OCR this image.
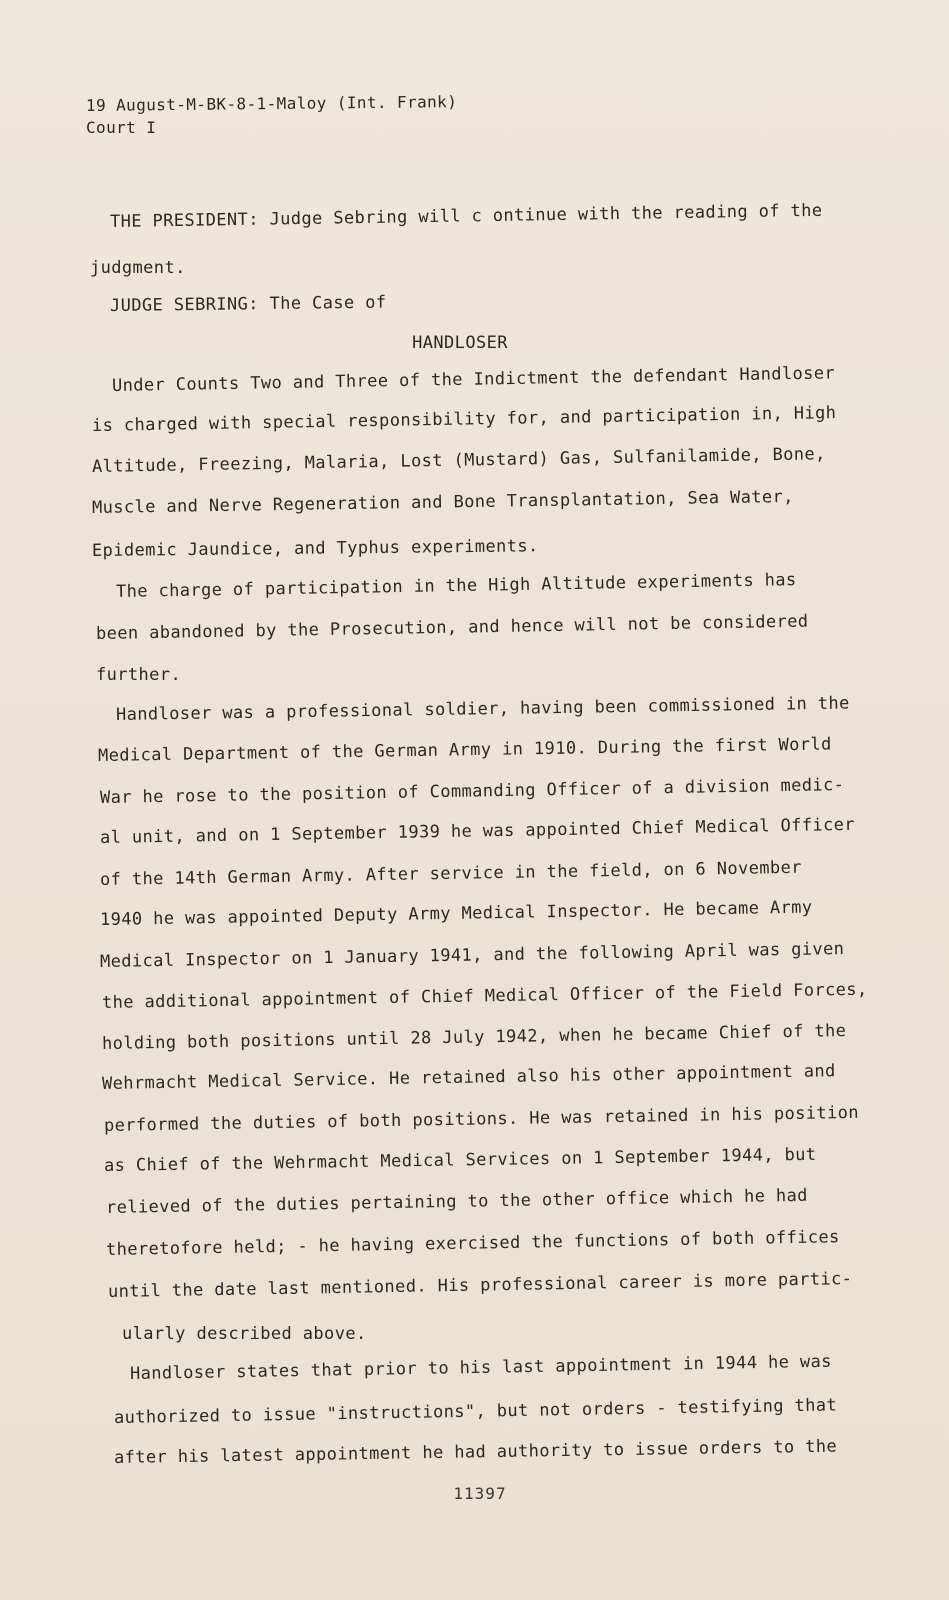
19 August-M-BK-8-1-Maloy (Int. Frank)
Court I
THE PRESIDENT: Judge Sebring will c ontinue with the reading of the
judgment.
JUDGE SEBRING: The Case of
HANDLOSER
Under Counts Two and Three of the Indictment the defendant Handloser
is charged with special responsibility for, and participation in, High
Altitude, Freezing, Malaria, Lost (Mustard) Gas, Sulfanilamide, Bone,
Muscle and Nerve Regeneration and Bone Transplantation, Sea Water,
Epidemic Jaundice, and Typhus experiments.
The charge of participation in the High Altitude experiments has
been abandoned by the Prosecution, and hence will not be considered
further.
Handloser was a professional soldier, having been commissioned in the
Medical Department of the German Army in 1910. During the first World
War he rose to the position of Commanding Officer of a division medic-
al unit, and on 1 September 1939 he was appointed Chief Medical Officer
of the 14th German Army. After service in the field, on 6 November
1940 he was appointed Deputy Army Medical Inspector. He became Army
Medical Inspector on 1 January 1941, and the following April was given
the additional appointment of Chief Medical Officer of the Field Forces,
holding both positions until 28 July 1942, when he became Chief of the
Wehrmacht Medical Service. He retained also his other appointment and
performed the duties of both positions. He was retained in his position
as Chief of the Wehrmacht Medical Services on 1 September 1944, but
relieved of the duties pertaining to the other office which he had
theretofore held; - he having exercised the functions of both offices
until the date last mentioned. His professional career is more partic-
ularly described above.
Handloser states that prior to his last appointment in 1944 he was
authorized to issue "instructions", but not orders - testifying that
after his latest appointment he had authority to issue orders to the
11397
